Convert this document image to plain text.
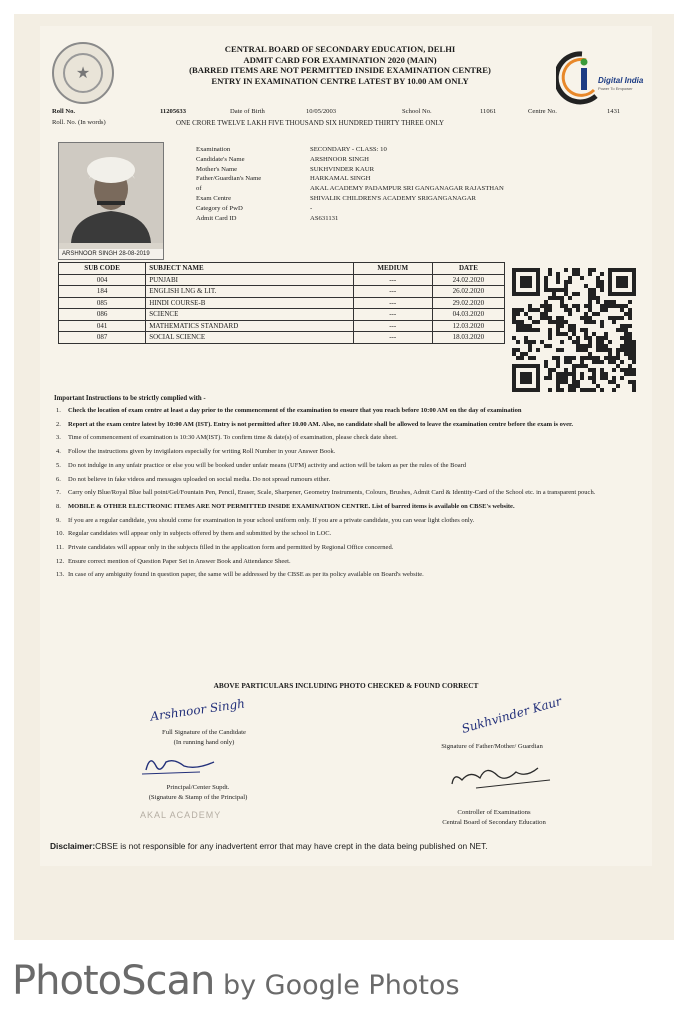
★	Digital India
Power To Empower
CENTRAL BOARD OF SECONDARY EDUCATION, DELHI
ADMIT CARD FOR EXAMINATION 2020 (MAIN)
(BARRED ITEMS ARE NOT PERMITTED INSIDE EXAMINATION CENTRE)
ENTRY IN EXAMINATION CENTRE LATEST BY 10.00 AM ONLY
Roll No.	11205633	Date of Birth	10/05/2003	School No.	11061	Centre No.	1431
Roll. No. (In words)	ONE CRORE TWELVE LAKH FIVE THOUSAND SIX HUNDRED THIRTY THREE ONLY
ARSHNOOR SINGH 28-08-2019
Examination	SECONDARY - CLASS: 10
Candidate's Name	ARSHNOOR SINGH
Mother's Name	SUKHVINDER KAUR
Father/Guardian's Name	HARKAMAL SINGH
of	AKAL ACADEMY PADAMPUR SRI GANGANAGAR RAJASTHAN
Exam Centre	SHIVALIK CHILDREN'S ACADEMY SRIGANGANAGAR
Category of PwD	-
Admit Card ID	AS631131
SUB CODE	SUBJECT NAME	MEDIUM	DATE
004	PUNJABI	---	24.02.2020
184	ENGLISH LNG & LIT.	---	26.02.2020
085	HINDI COURSE-B	---	29.02.2020
086	SCIENCE	---	04.03.2020
041	MATHEMATICS STANDARD	---	12.03.2020
087	SOCIAL SCIENCE	---	18.03.2020
Important Instructions to be strictly complied with -
1. Check the location of exam centre at least a day prior to the commencement of the examination to ensure that you reach before 10:00 AM on the day of examination
2. Report at the exam centre latest by 10:00 AM (IST). Entry is not permitted after 10.00 AM. Also, no candidate shall be allowed to leave the examination centre before the exam is over.
3. Time of commencement of examination is 10:30 AM(IST). To confirm time & date(s) of examination, please check date sheet.
4. Follow the instructions given by invigilators especially for writing Roll Number in your Answer Book.
5. Do not indulge in any unfair practice or else you will be booked under unfair means (UFM) activity and action will be taken as per the rules of the Board
6. Do not believe in fake videos and messages uploaded on social media. Do not spread rumours either.
7. Carry only Blue/Royal Blue ball point/Gel/Fountain Pen, Pencil, Eraser, Scale, Sharpener, Geometry Instruments, Colours, Brushes, Admit Card & Identity-Card of the School etc. in a transparent pouch.
8. MOBILE & OTHER ELECTRONIC ITEMS ARE NOT PERMITTED INSIDE EXAMINATION CENTRE. List of barred items is available on CBSE's website.
9. If you are a regular candidate, you should come for examination in your school uniform only. If you are a private candidate, you can wear light clothes only.
10. Regular candidates will appear only in subjects offered by them and submitted by the school in LOC.
11. Private candidates will appear only in the subjects filled in the application form and permitted by Regional Office concerned.
12. Ensure correct mention of Question Paper Set in Answer Book and Attendance Sheet.
13. In case of any ambiguity found in question paper, the same will be addressed by the CBSE as per its policy available on Board's website.
ABOVE PARTICULARS INCLUDING PHOTO CHECKED & FOUND CORRECT
Arshnoor Singh
Full Signature of the Candidate
(In running hand only)
Sukhvinder Kaur
Signature of Father/Mother/ Guardian
Principal/Center Supdt.
(Signature & Stamp of the Principal)
AKAL ACADEMY	Controller of Examinations
Central Board of Secondary Education
Disclaimer:CBSE is not responsible for any inadvertent error that may have crept in the data being published on NET.
PhotoScan by Google Photos
